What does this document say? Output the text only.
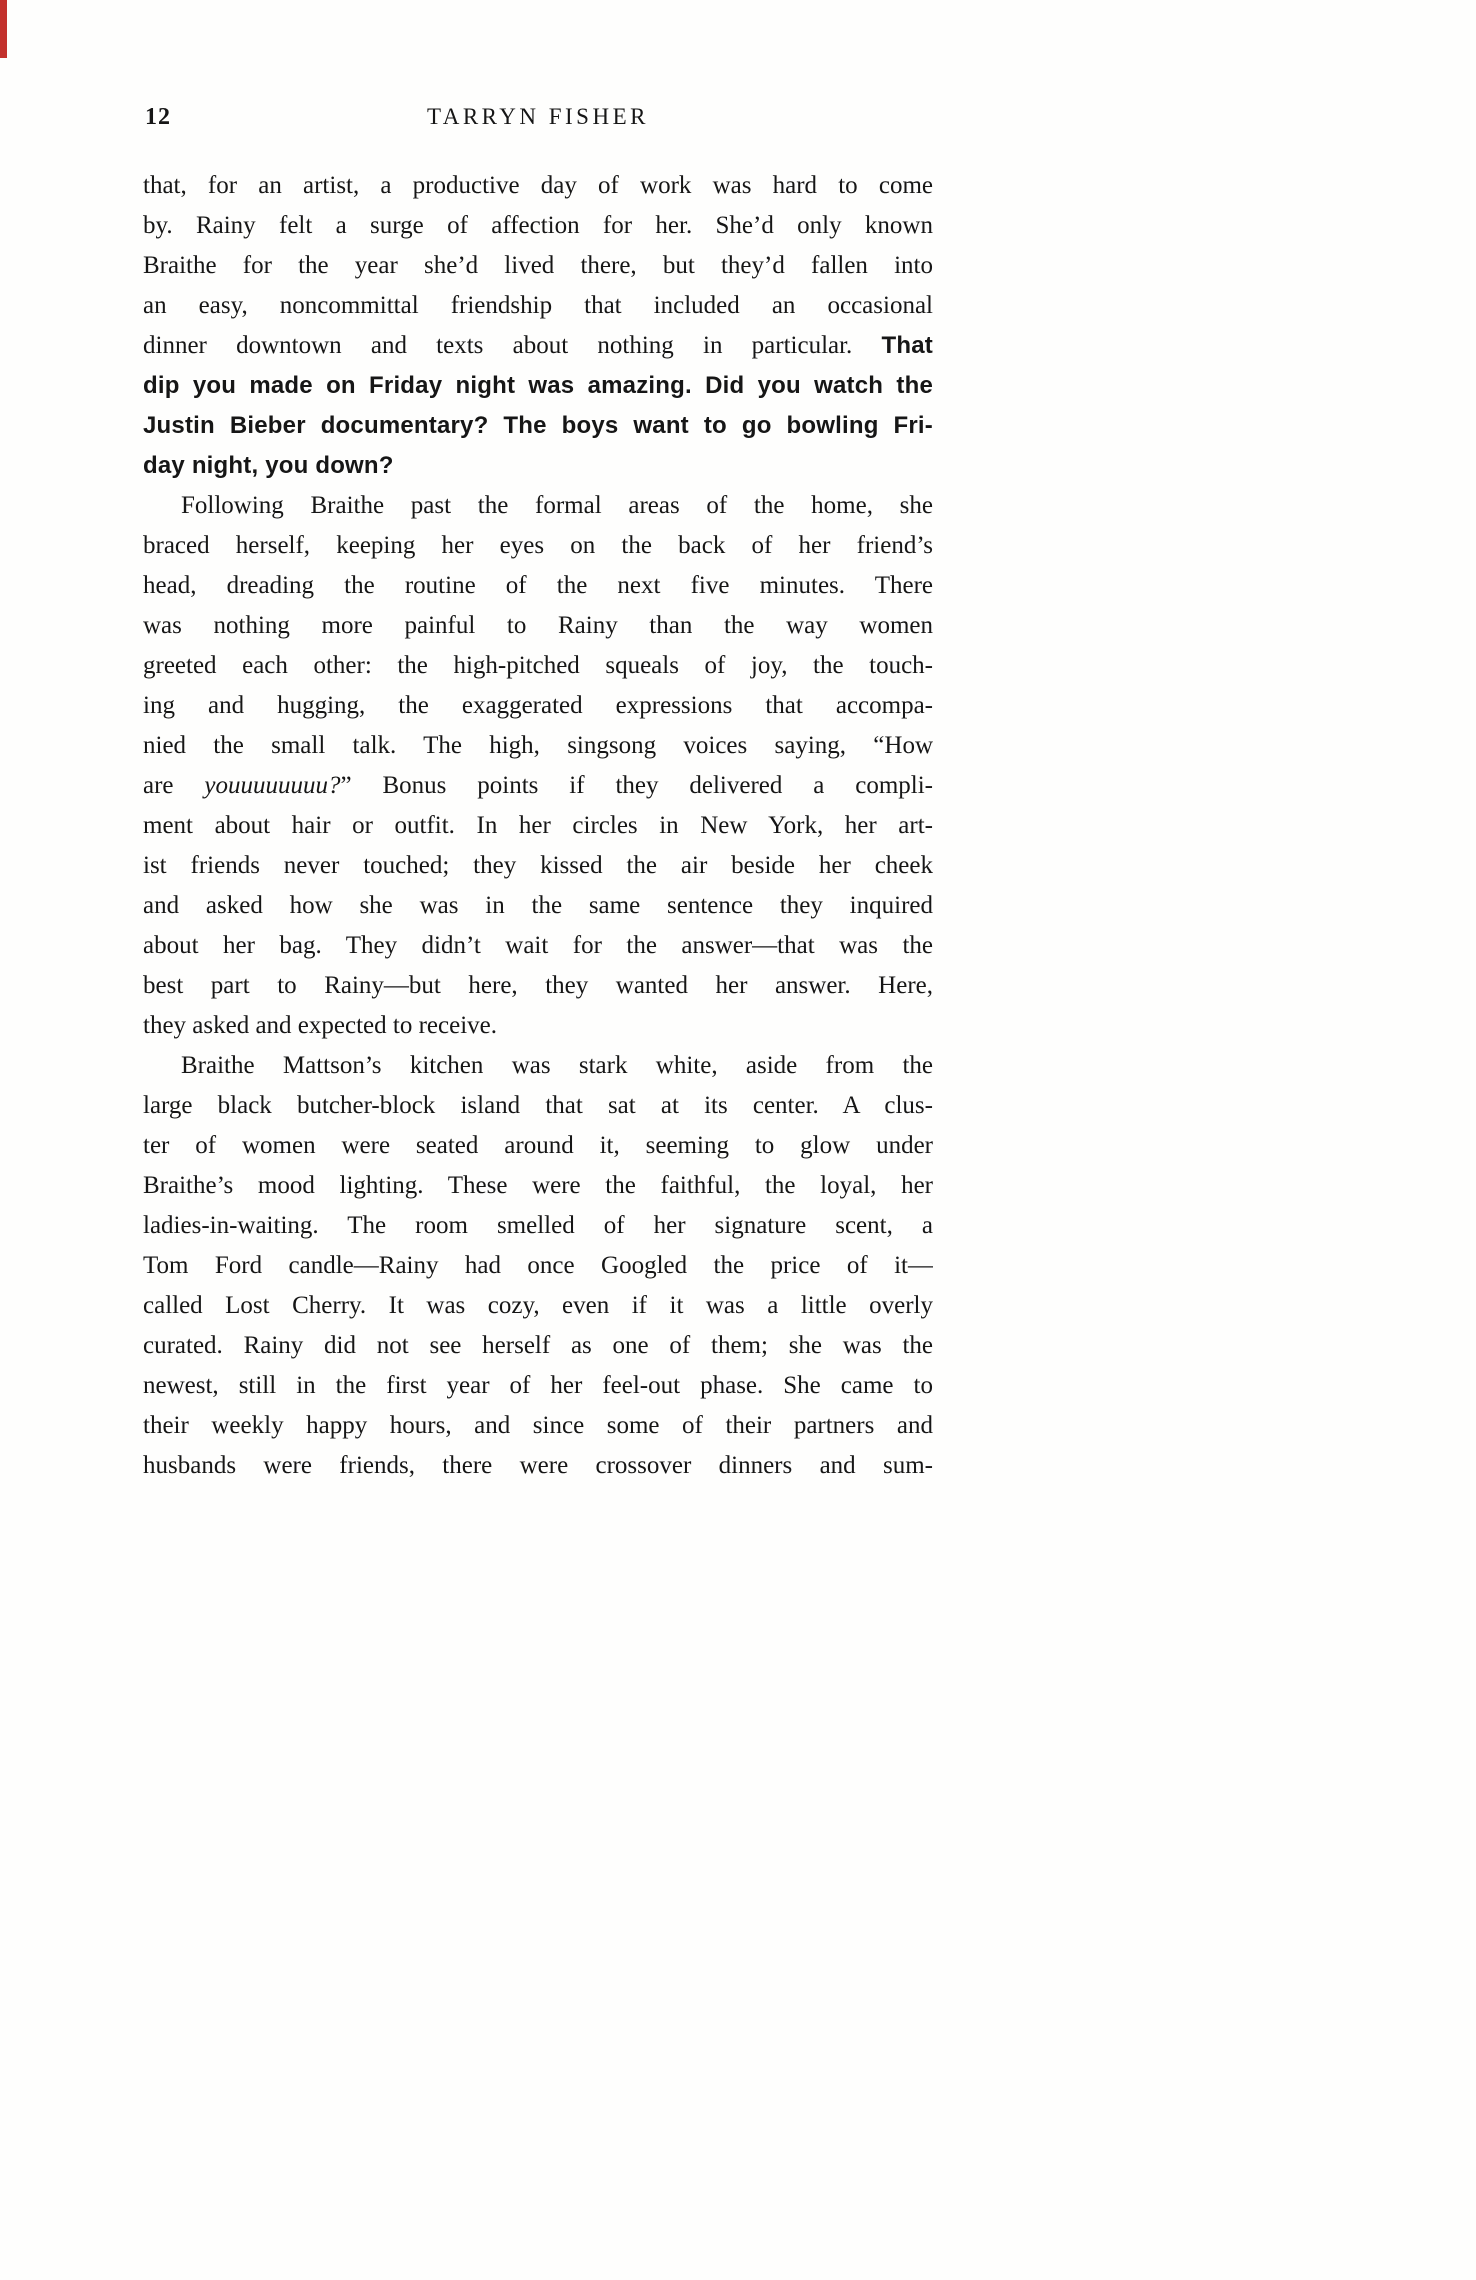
12	TARRYN FISHER
that, for an artist, a productive day of work was hard to come
by. Rainy felt a surge of affection for her. She’d only known
Braithe for the year she’d lived there, but they’d fallen into
an easy, noncommittal friendship that included an occasional
dinner downtown and texts about nothing in particular. That
dip you made on Friday night was amazing. Did you watch the
Justin Bieber documentary? The boys want to go bowling Fri-
day night, you down?
Following Braithe past the formal areas of the home, she
braced herself, keeping her eyes on the back of her friend’s
head, dreading the routine of the next five minutes. There
was nothing more painful to Rainy than the way women
greeted each other: the high-pitched squeals of joy, the touch-
ing and hugging, the exaggerated expressions that accompa-
nied the small talk. The high, singsong voices saying, “How
are youuuuuuuu?” Bonus points if they delivered a compli-
ment about hair or outfit. In her circles in New York, her art-
ist friends never touched; they kissed the air beside her cheek
and asked how she was in the same sentence they inquired
about her bag. They didn’t wait for the answer—that was the
best part to Rainy—but here, they wanted her answer. Here,
they asked and expected to receive.
Braithe Mattson’s kitchen was stark white, aside from the
large black butcher-block island that sat at its center. A clus-
ter of women were seated around it, seeming to glow under
Braithe’s mood lighting. These were the faithful, the loyal, her
ladies-in-waiting. The room smelled of her signature scent, a
Tom Ford candle—Rainy had once Googled the price of it—
called Lost Cherry. It was cozy, even if it was a little overly
curated. Rainy did not see herself as one of them; she was the
newest, still in the first year of her feel-out phase. She came to
their weekly happy hours, and since some of their partners and
husbands were friends, there were crossover dinners and sum-
